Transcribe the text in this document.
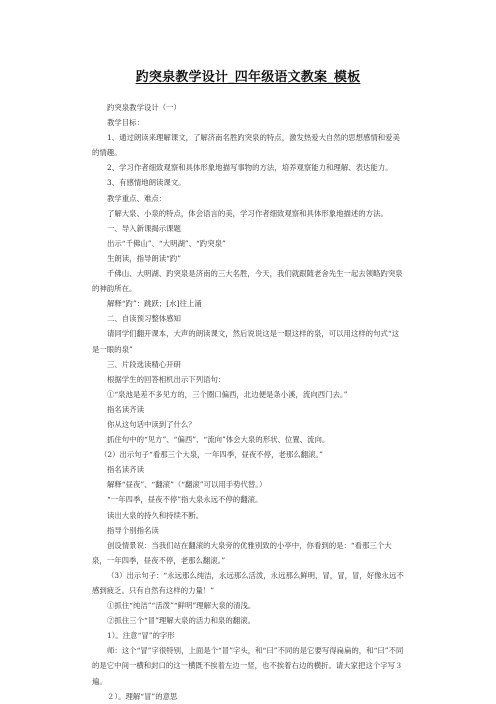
趵突泉教学设计_四年级语文教案_模板

趵突泉教学设计（一）

教学目标：

1、通过朗读来理解课文，了解济南名胜趵突泉的特点，激发热爱大自然的思想感情和爱美的情趣。

2、学习作者细致观察和具体形象地描写事物的方法，培养观察能力和理解、表达能力。

3、有感情地朗读课文。

教学重点、难点：

了解大泉、小泉的特点，体会语言的美，学习作者细致观察和具体形象地描述的方法。

一、导入新课揭示课题

出示“千佛山”、“大明湖”、“趵突泉”

生朗读，指导朗读“趵”

千佛山、大明湖、趵突泉是济南的三大名胜，今天，我们就跟随老舍先生一起去领略趵突泉的神韵所在。

解释“趵”：跳跃；[水]往上涌

二、自读预习整体感知

请同学们翻开课本，大声的朗读课文，然后说说这是一眼这样的泉，可以用这样的句式“这是一眼的泉”

三、片段选读精心开研

根据学生的回答相机出示下列语句：

①“泉池是差不多见方的，三个圈口偏西，北边便是条小溪，流向西门去。”

指名读齐读

你从这句话中读到了什么？

抓住句中的“见方”、“偏西”、“流向”体会大泉的形状、位置、流向。

（2）出示句子“看那三个大泉，一年四季，昼夜不停，老那么翻滚。”

指名读齐读

解释“昼夜”、“翻滚”（“翻滚”可以用手势代替。）

“一年四季，昼夜不停”指大泉永远不停的翻滚。

读出大泉的持久和持续不断。

指导个别指名读

创设情景说：当我们站在翻滚的大泉旁的优雅别致的小亭中，你看到的是：“看那三个大泉，一年四季，昼夜不停，老那么翻滚。”

（3）出示句子：“永远那么纯洁，永远那么活泼，永远那么鲜明，冒，冒，冒，好像永远不感到疲乏。只有自然有这样的力量！”

①抓住“纯洁”“活泼”“鲜明”理解大泉的清浅。

②抓住三个“冒”理解大泉的活力和泉的翻滚。

1）。注意“冒”的字形

师：这个“冒”字很特别，上面是个“冒”字头，和“曰”不同的是它要写得扁扁的，和“曰”不同的是它中间一横和封口的这一横既不挨着左边一竖，也不挨着右边的横折。请大家把这个字写３遍。

２）。理解“冒”的意思
